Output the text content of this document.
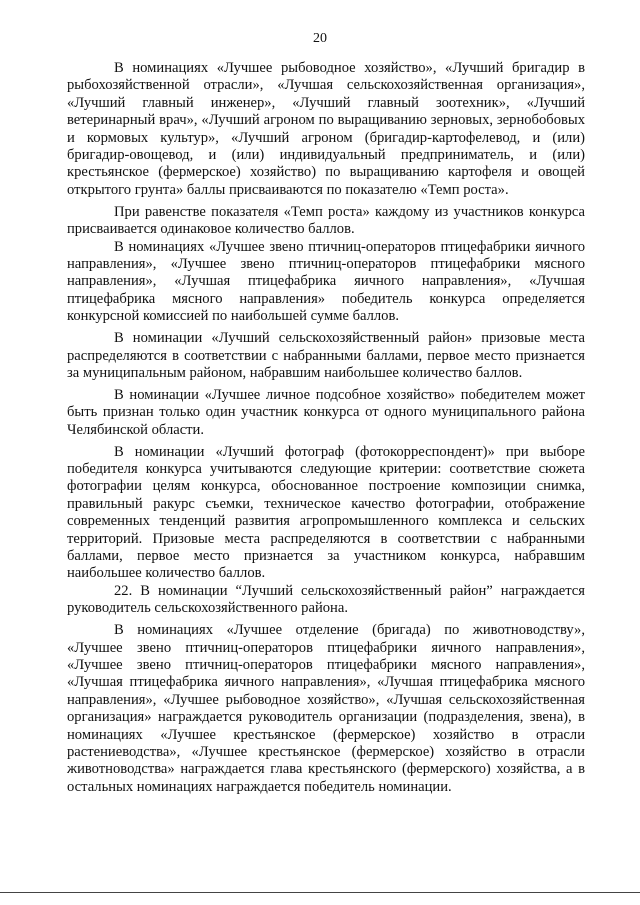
20

В номинациях «Лучшее рыбоводное хозяйство», «Лучший бригадир в рыбохозяйственной отрасли», «Лучшая сельскохозяйственная организация», «Лучший главный инженер», «Лучший главный зоотехник», «Лучший ветеринарный врач», «Лучший агроном по выращиванию зерновых, зернобобовых и кормовых культур», «Лучший агроном (бригадир-картофелевод, и (или) бригадир-овощевод, и (или) индивидуальный предприниматель, и (или) крестьянское (фермерское) хозяйство) по выращиванию картофеля и овощей открытого грунта» баллы присваиваются по показателю «Темп роста».

При равенстве показателя «Темп роста» каждому из участников конкурса присваивается одинаковое количество баллов.

В номинациях «Лучшее звено птичниц-операторов птицефабрики яичного направления», «Лучшее звено птичниц-операторов птицефабрики мясного направления», «Лучшая птицефабрика яичного направления», «Лучшая птицефабрика мясного направления» победитель конкурса определяется конкурсной комиссией по наибольшей сумме баллов.

В номинации «Лучший сельскохозяйственный район» призовые места распределяются в соответствии с набранными баллами, первое место признается за муниципальным районом, набравшим наибольшее количество баллов.

В номинации «Лучшее личное подсобное хозяйство» победителем может быть признан только один участник конкурса от одного муниципального района Челябинской области.

В номинации «Лучший фотограф (фотокорреспондент)» при выборе победителя конкурса учитываются следующие критерии: соответствие сюжета фотографии целям конкурса, обоснованное построение композиции снимка, правильный ракурс съемки, техническое качество фотографии, отображение современных тенденций развития агропромышленного комплекса и сельских территорий. Призовые места распределяются в соответствии с набранными баллами, первое место признается за участником конкурса, набравшим наибольшее количество баллов.

22. В номинации “Лучший сельскохозяйственный район” награждается руководитель сельскохозяйственного района.

В номинациях «Лучшее отделение (бригада) по животноводству», «Лучшее звено птичниц-операторов птицефабрики яичного направления», «Лучшее звено птичниц-операторов птицефабрики мясного направления», «Лучшая птицефабрика яичного направления», «Лучшая птицефабрика мясного направления», «Лучшее рыбоводное хозяйство», «Лучшая сельскохозяйственная организация» награждается руководитель организации (подразделения, звена), в номинациях «Лучшее крестьянское (фермерское) хозяйство в отрасли растениеводства», «Лучшее крестьянское (фермерское) хозяйство в отрасли животноводства» награждается глава крестьянского (фермерского) хозяйства, а в остальных номинациях награждается победитель номинации.
